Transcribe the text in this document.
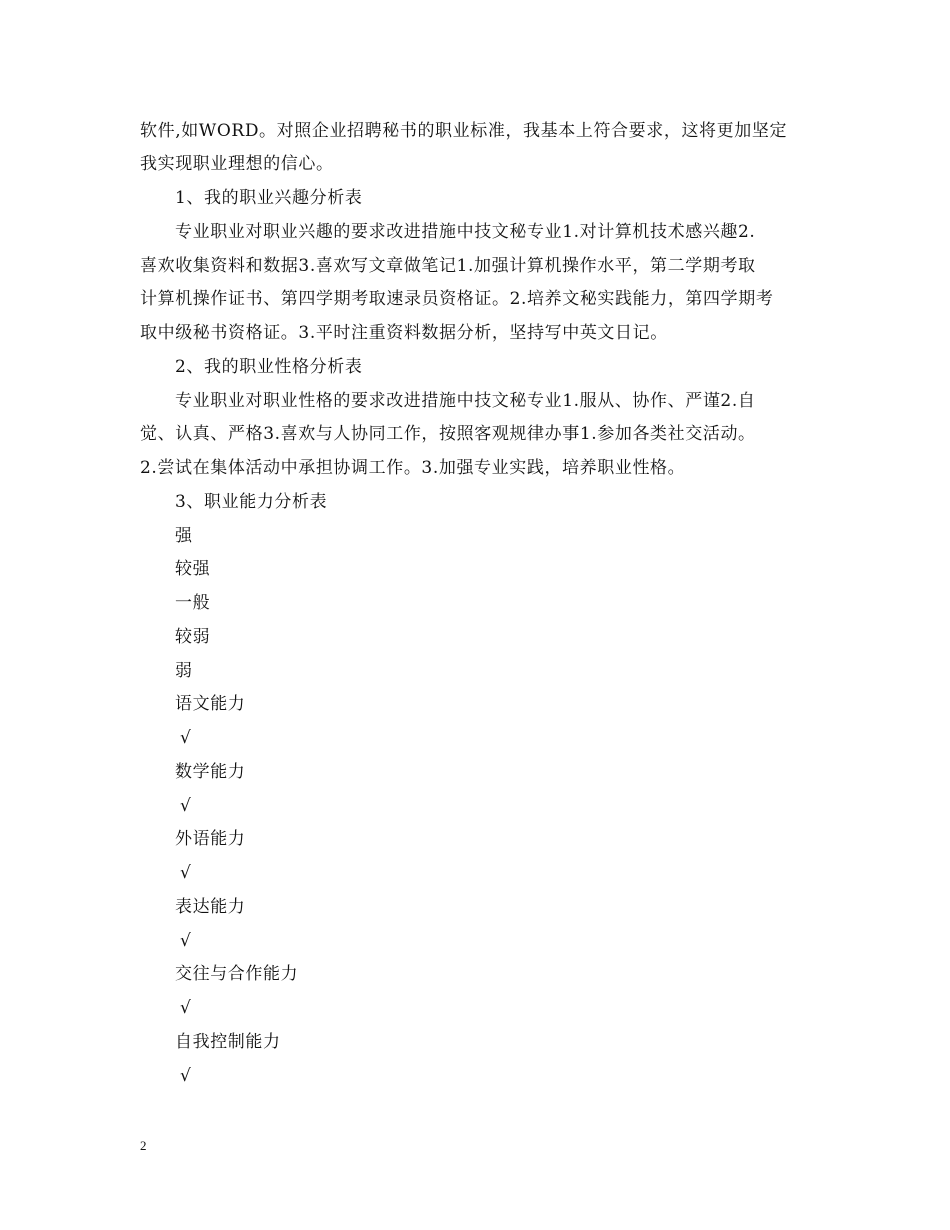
软件,如WORD。对照企业招聘秘书的职业标准，我基本上符合要求，这将更加坚定
我实现职业理想的信心。
1、我的职业兴趣分析表
专业职业对职业兴趣的要求改进措施中技文秘专业1.对计算机技术感兴趣2.
喜欢收集资料和数据3.喜欢写文章做笔记1.加强计算机操作水平，第二学期考取
计算机操作证书、第四学期考取速录员资格证。2.培养文秘实践能力，第四学期考
取中级秘书资格证。3.平时注重资料数据分析，坚持写中英文日记。
2、我的职业性格分析表
专业职业对职业性格的要求改进措施中技文秘专业1.服从、协作、严谨2.自
觉、认真、严格3.喜欢与人协同工作，按照客观规律办事1.参加各类社交活动。
2.尝试在集体活动中承担协调工作。3.加强专业实践，培养职业性格。
3、职业能力分析表
强
较强
一般
较弱
弱
语文能力
√
数学能力
√
外语能力
√
表达能力
√
交往与合作能力
√
自我控制能力
√
2
